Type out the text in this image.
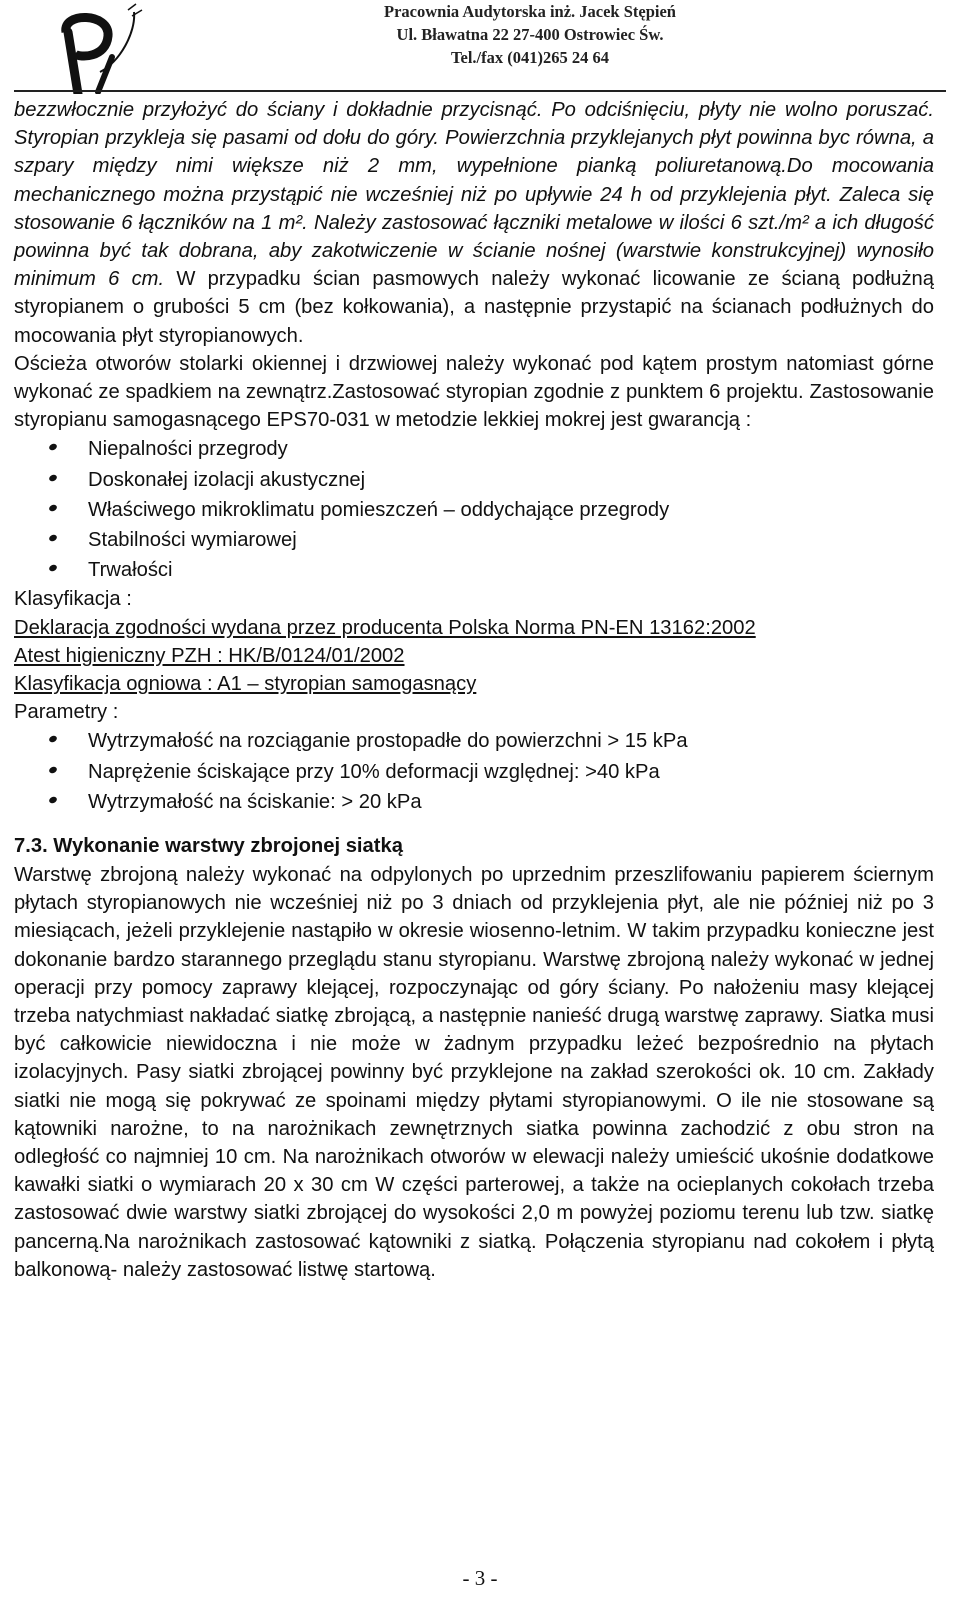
Pracownia Audytorska inż. Jacek Stępień
Ul. Bławatna 22 27-400 Ostrowiec Św.
Tel./fax (041)265 24 64

bezzwłocznie przyłożyć do ściany i dokładnie przycisnąć. Po odciśnięciu, płyty nie wolno poruszać. Styropian przykleja się pasami od dołu do góry. Powierzchnia przyklejanych płyt powinna byc równa, a szpary między nimi większe niż 2 mm, wypełnione pianką poliuretanową.Do mocowania mechanicznego można przystąpić nie wcześniej niż po upływie 24 h od przyklejenia płyt. Zaleca się stosowanie 6 łączników na 1 m². Należy zastosować łączniki metalowe w ilości 6 szt./m² a ich długość powinna być tak dobrana, aby zakotwiczenie w ścianie nośnej (warstwie konstrukcyjnej) wynosiło minimum 6 cm. W przypadku ścian pasmowych należy wykonać licowanie ze ścianą podłużną styropianem o grubości 5 cm (bez kołkowania), a następnie przystapić na ścianach podłużnych do mocowania płyt styropianowych.

Ościeża otworów stolarki okiennej i drzwiowej należy wykonać pod kątem prostym natomiast górne wykonać ze spadkiem na zewnątrz.Zastosować styropian zgodnie z punktem 6 projektu. Zastosowanie styropianu samogasnącego EPS70-031 w metodzie lekkiej mokrej jest gwarancją :

Niepalności przegrody
Doskonałej izolacji akustycznej
Właściwego mikroklimatu pomieszczeń – oddychające przegrody
Stabilności wymiarowej
Trwałości
Klasyfikacja :
Deklaracja zgodności wydana przez producenta Polska Norma PN-EN 13162:2002
Atest higieniczny PZH : HK/B/0124/01/2002
Klasyfikacja ogniowa : A1 – styropian samogasnący
Parametry :
Wytrzymałość na rozciąganie prostopadłe do powierzchni > 15 kPa
Naprężenie ściskające przy 10% deformacji względnej: >40 kPa
Wytrzymałość na ściskanie: > 20 kPa
7.3. Wykonanie warstwy zbrojonej siatką

Warstwę zbrojoną należy wykonać na odpylonych po uprzednim przeszlifowaniu papierem ściernym płytach styropianowych nie wcześniej niż po 3 dniach od przyklejenia płyt, ale nie później niż po 3 miesiącach, jeżeli przyklejenie nastąpiło w okresie wiosenno-letnim. W takim przypadku konieczne jest dokonanie bardzo starannego przeglądu stanu styropianu. Warstwę zbrojoną należy wykonać w jednej operacji przy pomocy zaprawy klejącej, rozpoczynając od góry ściany. Po nałożeniu masy klejącej trzeba natychmiast nakładać siatkę zbrojącą, a następnie nanieść drugą warstwę zaprawy. Siatka musi być całkowicie niewidoczna i nie może w żadnym przypadku leżeć bezpośrednio na płytach izolacyjnych. Pasy siatki zbrojącej powinny być przyklejone na zakład szerokości ok. 10 cm. Zakłady siatki nie mogą się pokrywać ze spoinami między płytami styropianowymi. O ile nie stosowane są kątowniki narożne, to na narożnikach zewnętrznych siatka powinna zachodzić z obu stron na odległość co najmniej 10 cm. Na narożnikach otworów w elewacji należy umieścić ukośnie dodatkowe kawałki siatki o wymiarach 20 x 30 cm W części parterowej, a także na ocieplanych cokołach trzeba zastosować dwie warstwy siatki zbrojącej do wysokości 2,0 m powyżej poziomu terenu lub tzw. siatkę pancerną.Na narożnikach zastosować kątowniki z siatką. Połączenia styropianu nad cokołem i płytą balkonową- należy zastosować listwę startową.

- 3 -
